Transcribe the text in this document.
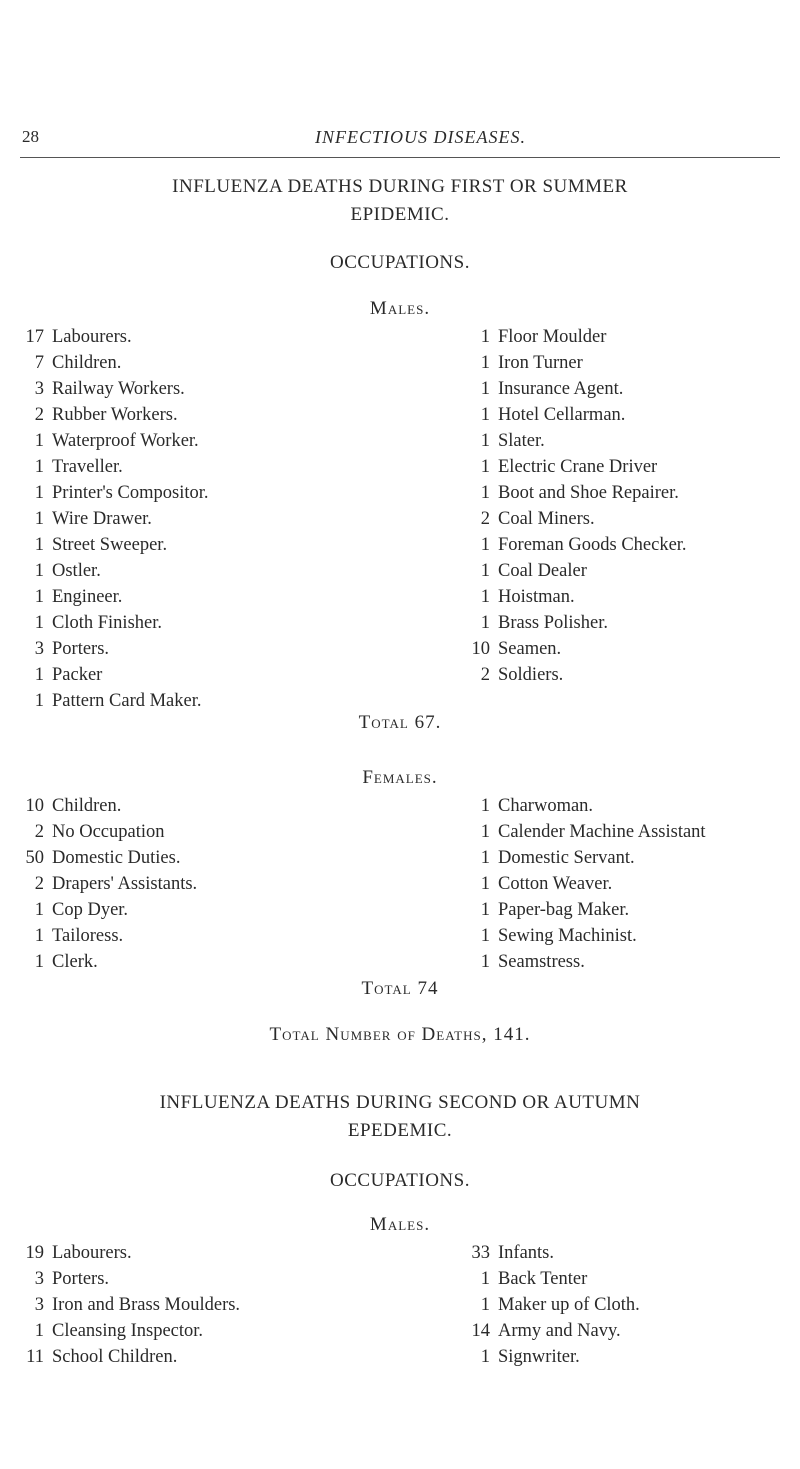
28	INFECTIOUS DISEASES.
INFLUENZA DEATHS DURING FIRST OR SUMMER
EPIDEMIC.
OCCUPATIONS.
Males.
17 Labourers.
7 Children.
3 Railway Workers.
2 Rubber Workers.
1 Waterproof Worker.
1 Traveller.
1 Printer's Compositor.
1 Wire Drawer.
1 Street Sweeper.
1 Ostler.
1 Engineer.
1 Cloth Finisher.
3 Porters.
1 Packer
1 Pattern Card Maker.
1 Floor Moulder
1 Iron Turner
1 Insurance Agent.
1 Hotel Cellarman.
1 Slater.
1 Electric Crane Driver
1 Boot and Shoe Repairer.
2 Coal Miners.
1 Foreman Goods Checker.
1 Coal Dealer
1 Hoistman.
1 Brass Polisher.
10 Seamen.
2 Soldiers.
Total 67.
Females.
10 Children.
2 No Occupation
50 Domestic Duties.
2 Drapers' Assistants.
1 Cop Dyer.
1 Tailoress.
1 Clerk.
1 Charwoman.
1 Calender Machine Assistant
1 Domestic Servant.
1 Cotton Weaver.
1 Paper-bag Maker.
1 Sewing Machinist.
1 Seamstress.
Total 74
Total Number of Deaths, 141.
INFLUENZA DEATHS DURING SECOND OR AUTUMN
EPEDEMIC.
OCCUPATIONS.
Males.
19 Labourers.
3 Porters.
3 Iron and Brass Moulders.
1 Cleansing Inspector.
11 School Children.
33 Infants.
1 Back Tenter
1 Maker up of Cloth.
14 Army and Navy.
1 Signwriter.
